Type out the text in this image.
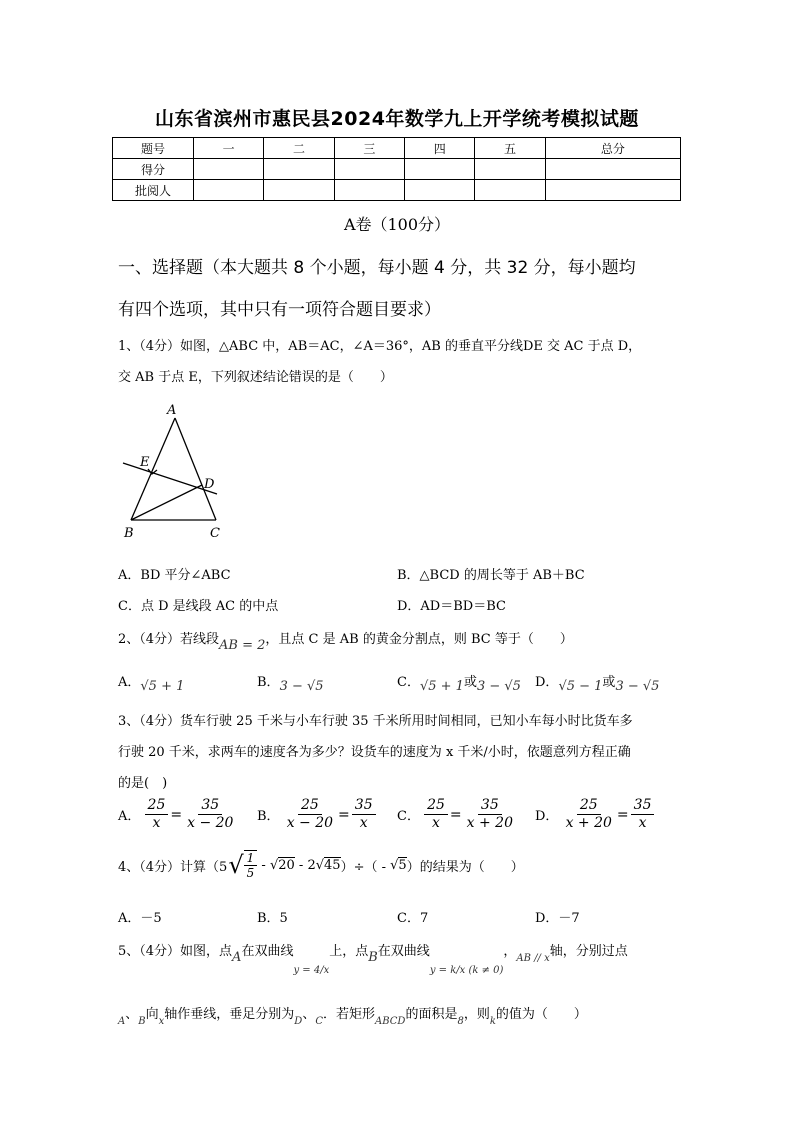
山东省滨州市惠民县2024年数学九上开学统考模拟试题
题号	一	二	三	四	五	总分
得分						
批阅人						
A卷（100分）
一、选择题（本大题共 8 个小题，每小题 4 分，共 32 分，每小题均
有四个选项，其中只有一项符合题目要求）
1、（4分）如图，△ABC 中，AB＝AC，∠A＝36°，AB 的垂直平分线DE 交 AC 于点 D，
交 AB 于点 E，下列叙述结论错误的是（　　）
A
E
D
B	C
A．BD 平分∠ABC	B．△BCD 的周长等于 AB＋BC
C．点 D 是线段 AC 的中点	D．AD＝BD＝BC
2、（4分）若线段AB = 2，且点 C 是 AB 的黄金分割点，则 BC 等于（　　）
A．√5 + 1	B．3 − √5	C．√5 + 1或3 − √5 D．√5 − 1或3 − √5
3、（4分）货车行驶 25 千米与小车行驶 35 千米所用时间相同，已知小车每小时比货车多
行驶 20 千米，求两车的速度各为多少？设货车的速度为 x 千米/小时，依题意列方程正确
的是(　)
A． $\frac{25}{x} = \frac{35}{x - 20}$ B． $\frac{25}{x - 20} = \frac{35}{x}$ C． $\frac{25}{x} = \frac{35}{x + 20}$ D． $\frac{25}{x + 20} = \frac{35}{x}$
4、（4分）计算（5 √ $\frac{1}{5} - √20 - 2$ √45 ）÷（ - √5 ）的结果为（　　）
A．－5	B．5	C．7	D．－7
5、（4分）如图，点A在双曲线$_{y = 4/x}$上，点B在双曲线$_{y = k/x (k \ne 0)}$，$_{AB // x}$轴，分别过点
$_A$、$_B$向$_x$轴作垂线，垂足分别为$_D$、$_C$．若矩形$_{ABCD}$的面积是$_8$，则$_k$的值为（　　）
